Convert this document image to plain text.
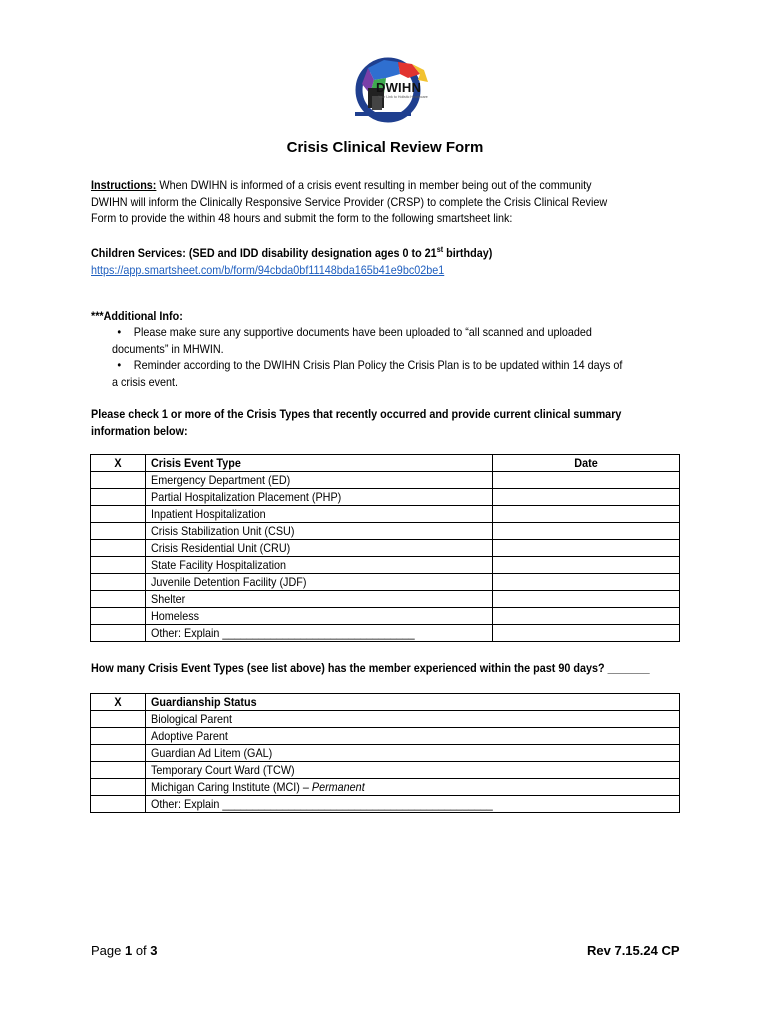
DWIHN
Your Link to Holistic Healthcare
Crisis Clinical Review Form

Instructions: When DWIHN is informed of a crisis event resulting in member being out of the community DWIHN will inform the Clinically Responsive Service Provider (CRSP) to complete the Crisis Clinical Review Form to provide the within 48 hours and submit the form to the following smartsheet link:

Children Services: (SED and IDD disability designation ages 0 to 21st birthday)

https://app.smartsheet.com/b/form/94cbda0bf11148bda165b41e9bc02be1

***Additional Info:

• Please make sure any supportive documents have been uploaded to “all scanned and uploaded documents” in MHWIN.

• Reminder according to the DWIHN Crisis Plan Policy the Crisis Plan is to be updated within 14 days of a crisis event.

Please check 1 or more of the Crisis Types that recently occurred and provide current clinical summary information below:
X	Crisis Event Type	Date
	Emergency Department (ED)	
	Partial Hospitalization Placement (PHP)	
	Inpatient Hospitalization	
	Crisis Stabilization Unit (CSU)	
	Crisis Residential Unit (CRU)	
	State Facility Hospitalization	
	Juvenile Detention Facility (JDF)	
	Shelter	
	Homeless	
	Other: Explain ________________________________	
How many Crisis Event Types (see list above) has the member experienced within the past 90 days? _______
X	Guardianship Status
	Biological Parent
	Adoptive Parent
	Guardian Ad Litem (GAL)
	Temporary Court Ward (TCW)
	Michigan Caring Institute (MCI) – Permanent
	Other: Explain _____________________________________________
Page 1 of 3	Rev 7.15.24 CP
